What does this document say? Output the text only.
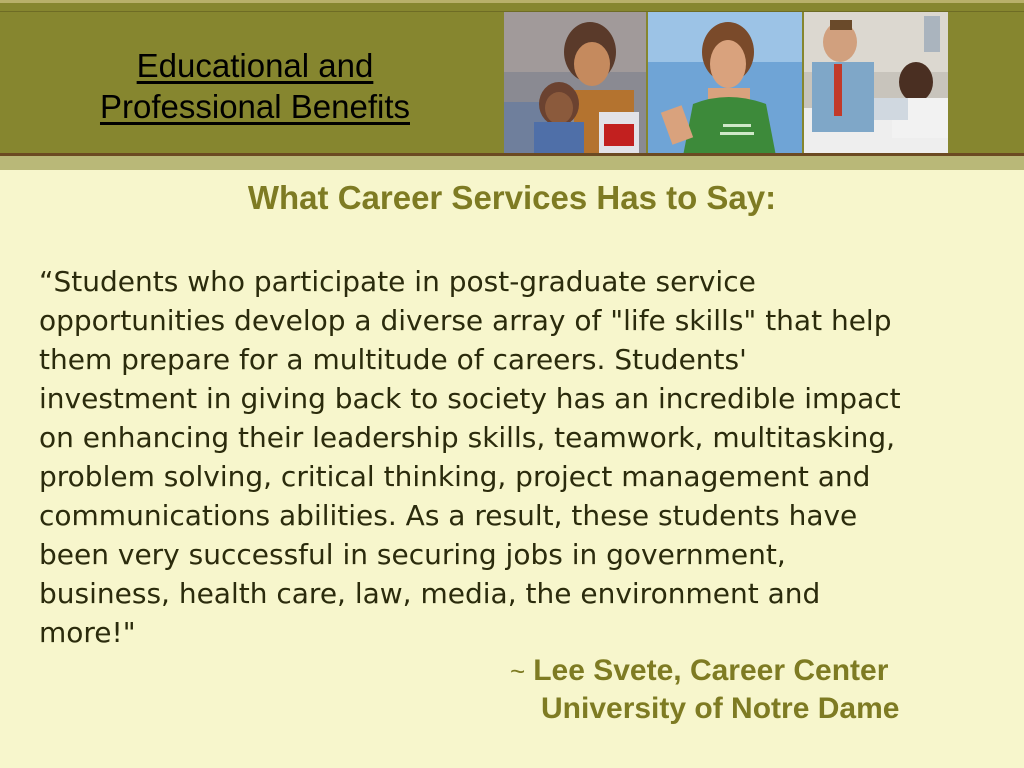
Educational and
Professional Benefits
What Career Services Has to Say:
“Students who participate in post-graduate service
opportunities develop a diverse array of "life skills" that help
them prepare for a multitude of careers. Students'
investment in giving back to society has an incredible impact
on enhancing their leadership skills, teamwork, multitasking,
problem solving, critical thinking, project management and
communications abilities. As a result, these students have
been very successful in securing jobs in government,
business, health care, law, media, the environment and
more!"
~ Lee Svete, Career Center
University of Notre Dame
